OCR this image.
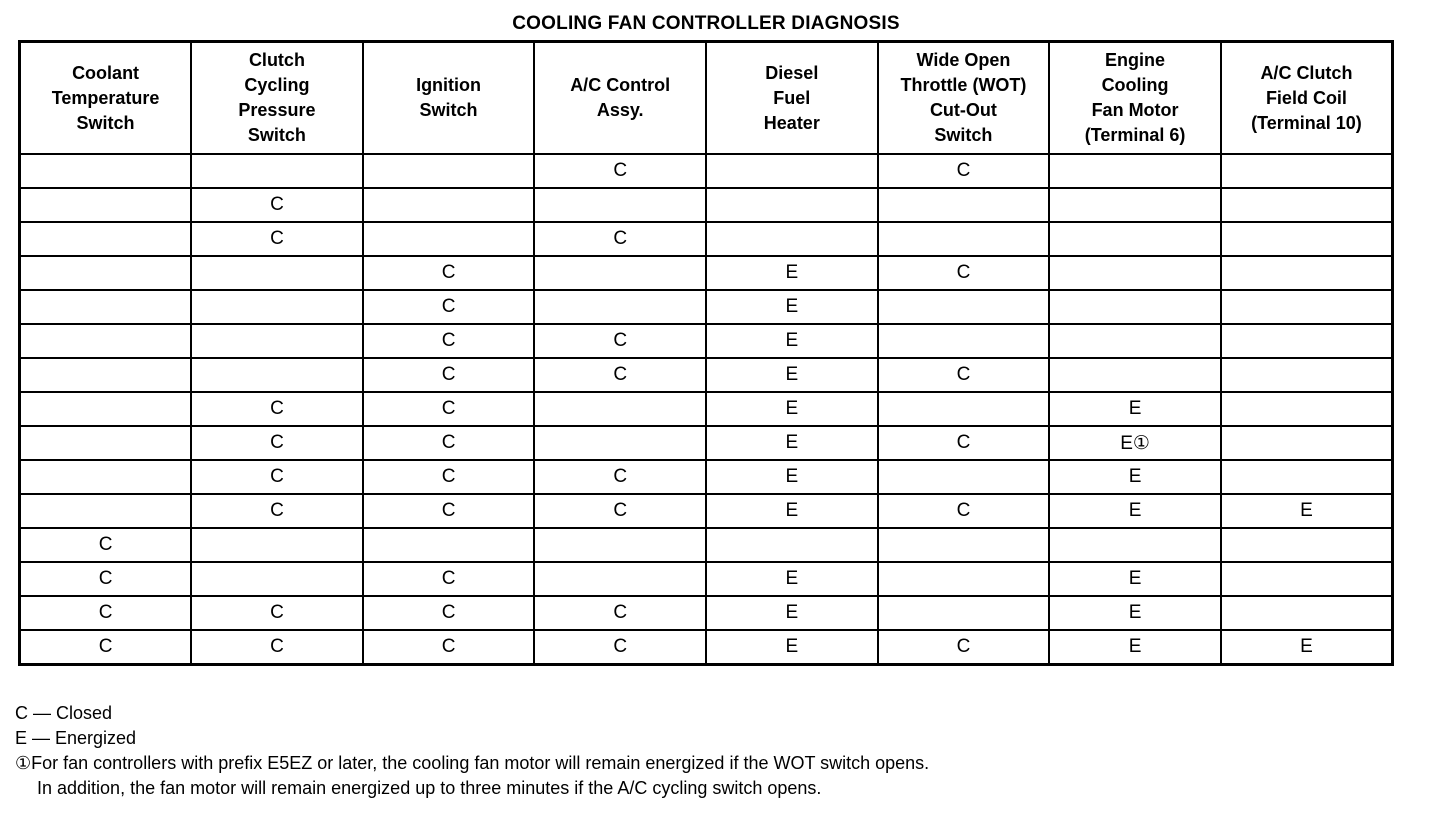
COOLING FAN CONTROLLER DIAGNOSIS
Coolant
Temperature
Switch	Clutch
Cycling
Pressure
Switch	Ignition
Switch	A/C Control
Assy.	Diesel
Fuel
Heater	Wide Open
Throttle (WOT)
Cut-Out
Switch	Engine
Cooling
Fan Motor
(Terminal 6)	A/C Clutch
Field Coil
(Terminal 10)
			C		C		
	C						
	C		C				
		C		E	C		
		C		E			
		C	C	E			
		C	C	E	C		
	C	C		E		E	
	C	C		E	C	E①	
	C	C	C	E		E	
	C	C	C	E	C	E	E
C							
C		C		E		E	
C	C	C	C	E		E	
C	C	C	C	E	C	E	E
C — Closed
E — Energized
①For fan controllers with prefix E5EZ or later, the cooling fan motor will remain energized if the WOT switch opens.
In addition, the fan motor will remain energized up to three minutes if the A/C cycling switch opens.
